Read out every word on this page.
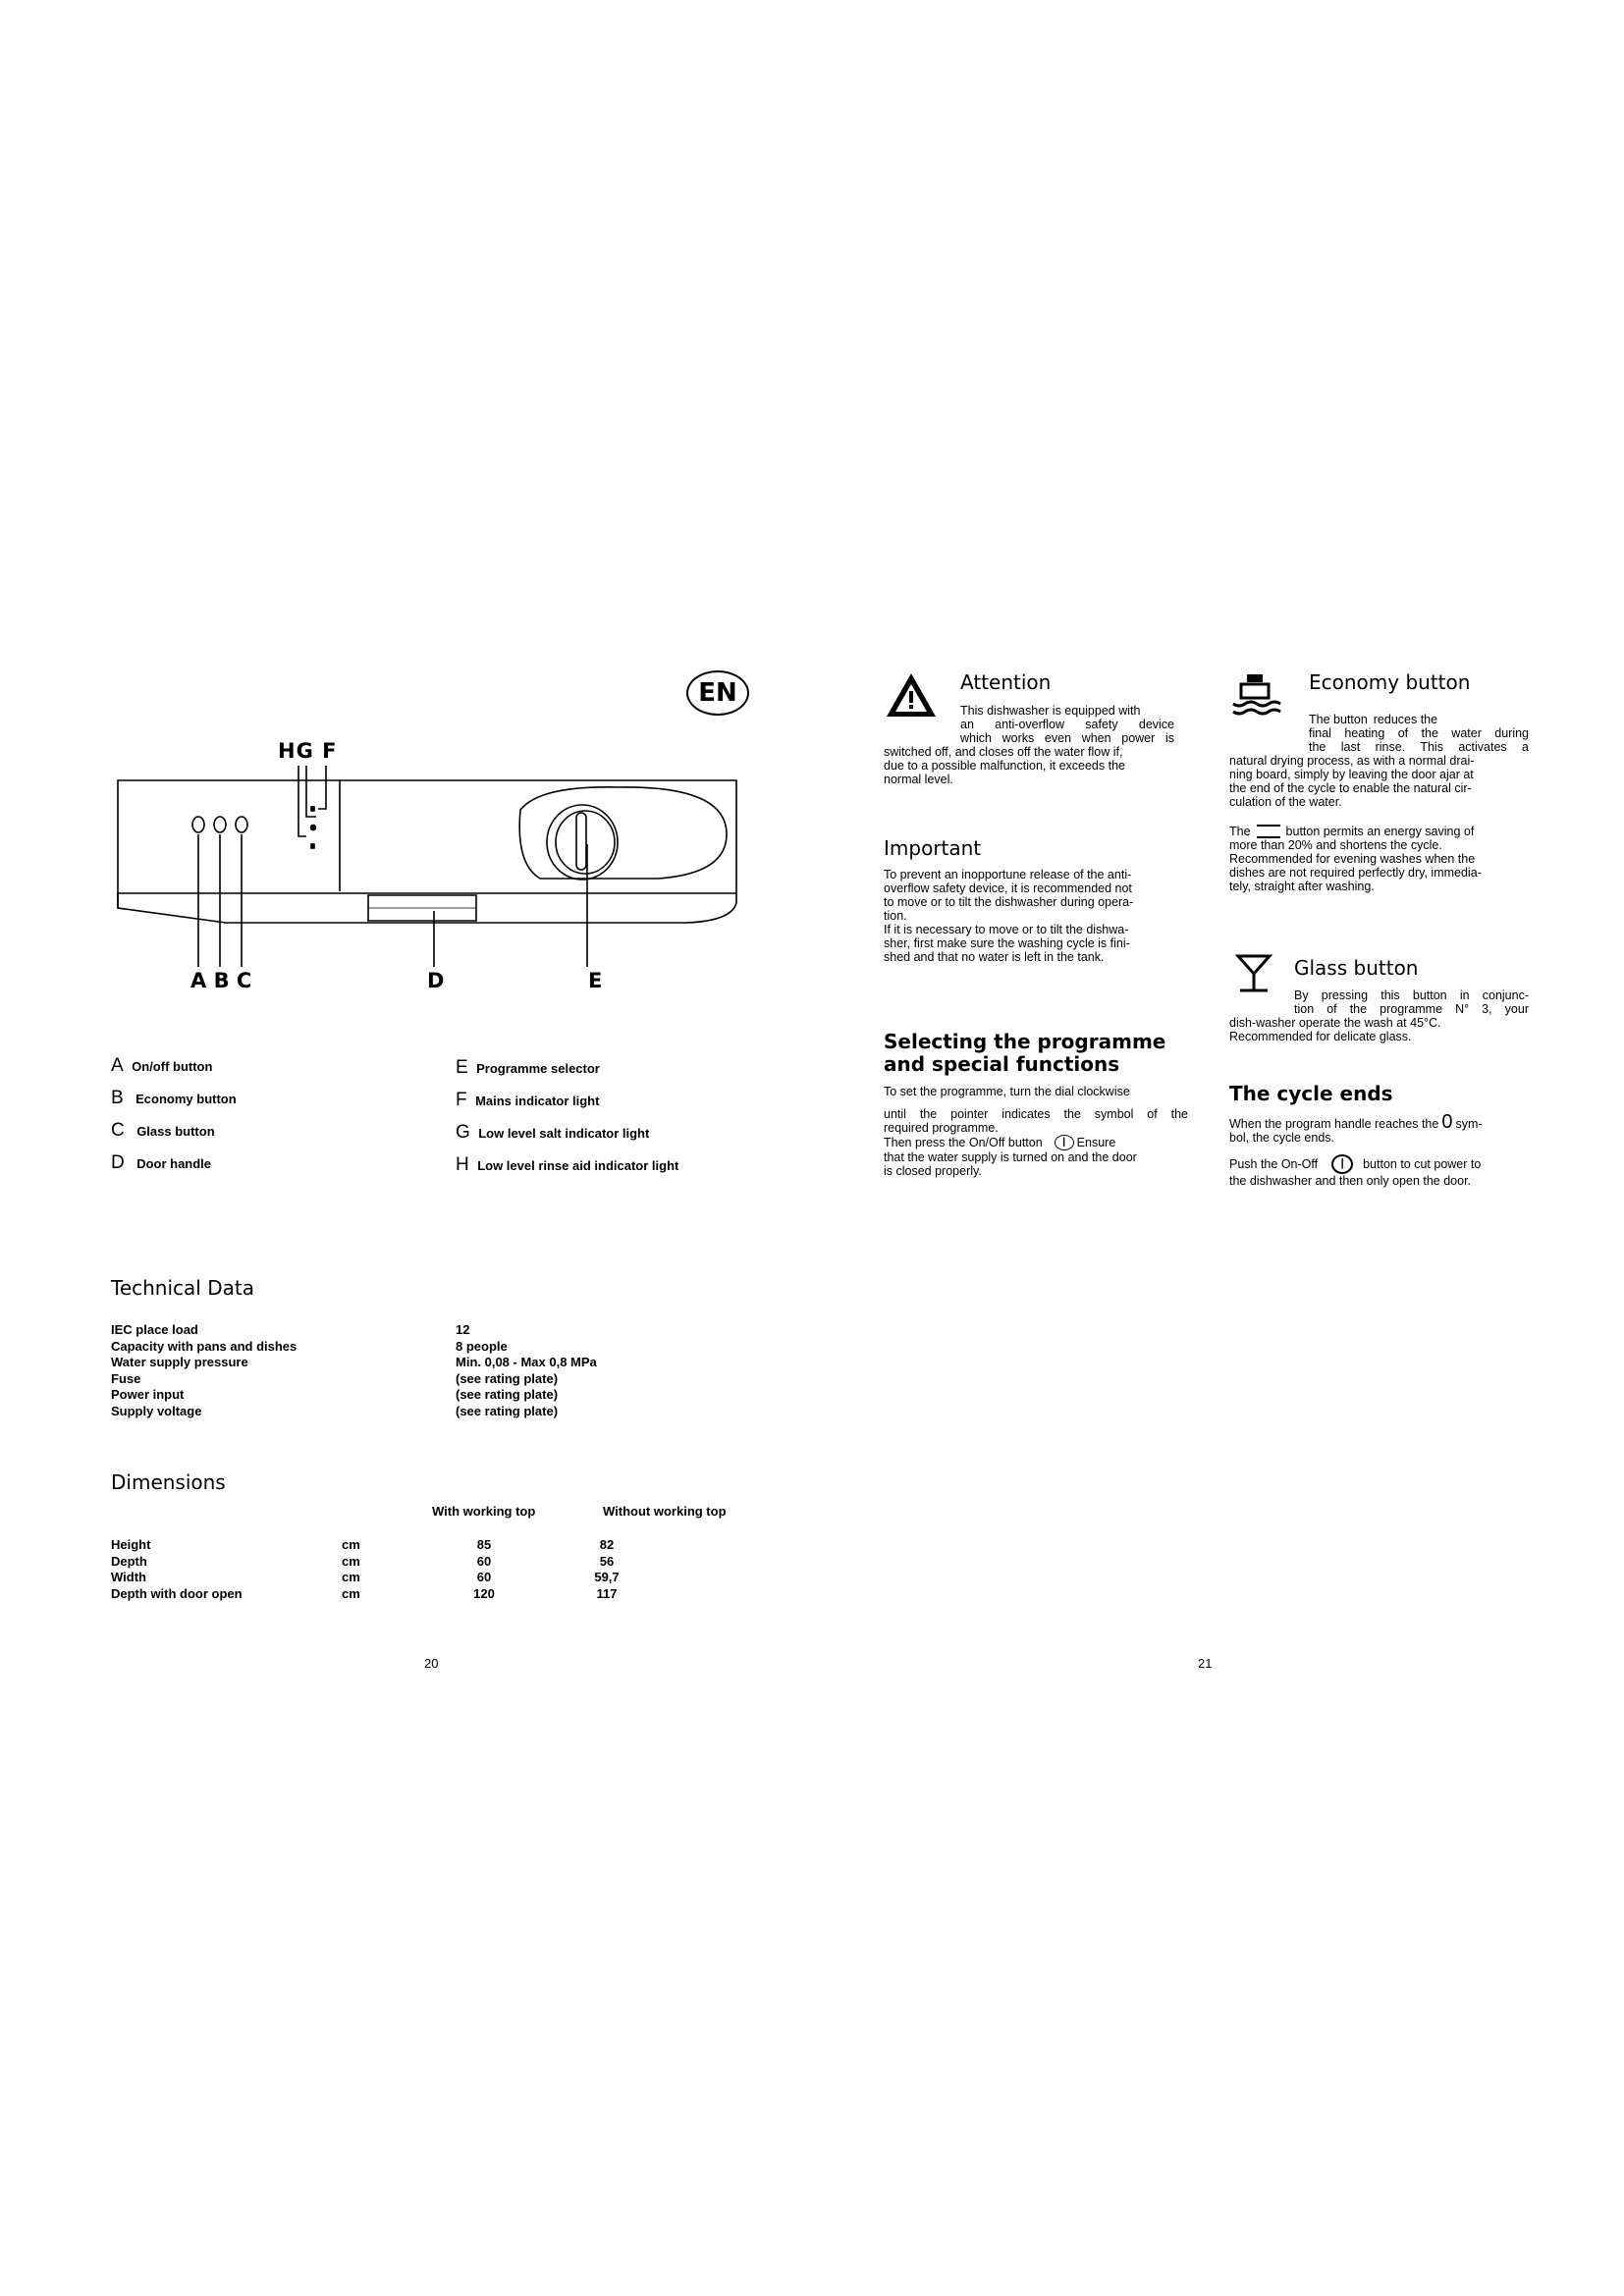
EN
HG F
A B C	D	E
A On/off button
B Economy button
C Glass button
D Door handle
E Programme selector
F Mains indicator light
G Low level salt indicator light
H Low level rinse aid indicator light
Technical Data
IEC place load	12
Capacity with pans and dishes	8 people
Water supply pressure	Min. 0,08 - Max 0,8 MPa
Fuse	(see rating plate)
Power input	(see rating plate)
Supply voltage	(see rating plate)
Dimensions
With working top	Without working top
Height	cm	85	82
Depth	cm	60	56
Width	cm	60	59,7
Depth with door open	cm	120	117
20	21
Attention
This dishwasher is equipped with
an anti-overflow safety device
which works even when power is
switched off, and closes off the water flow if,
due to a possible malfunction, it exceeds the
normal level.
Important
To prevent an inopportune release of the anti-
overflow safety device, it is recommended not
to move or to tilt the dishwasher during opera-
tion.
If it is necessary to move or to tilt the dishwa-
sher, first make sure the washing cycle is fini-
shed and that no water is left in the tank.
Selecting the programme
and special functions
To set the programme, turn the dial clockwise
until the pointer indicates the symbol of the
required programme.
Then press the On/Off button	| Ensure
that the water supply is turned on and the door
is closed properly.
Economy button
The button reduces the
final heating of the water during
the last rinse. This activates a
natural drying process, as with a normal drai-
ning board, simply by leaving the door ajar at
the end of the cycle to enable the natural cir-
culation of the water.
The	button permits an energy saving of
more than 20% and shortens the cycle.
Recommended for evening washes when the
dishes are not required perfectly dry, immedia-
tely, straight after washing.
Glass button
By pressing this button in conjunc-
tion of the programme N° 3, your
dish-washer operate the wash at 45°C.
Recommended for delicate glass.
The cycle ends
When the program handle reaches the 0 sym-
bol, the cycle ends.
Push the On-Off	|	button to cut power to
the dishwasher and then only open the door.
